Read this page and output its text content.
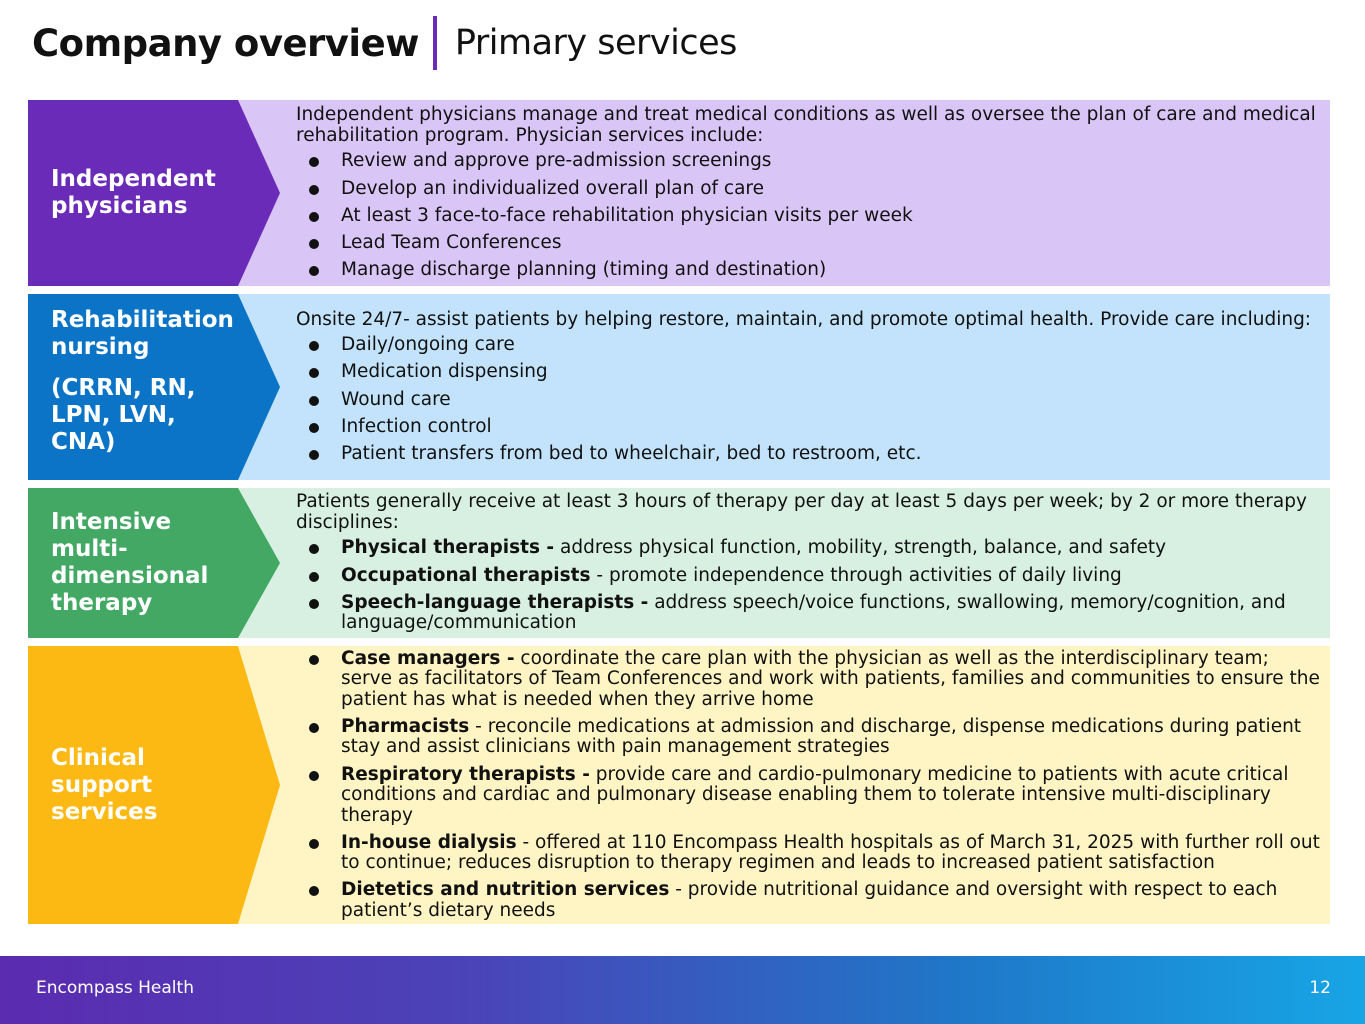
Company overview Primary services
Independent
physicians

Independent physicians manage and treat medical conditions as well as oversee the plan of care and medical rehabilitation program. Physician services include:

Review and approve pre-admission screenings
Develop an individualized overall plan of care
At least 3 face-to-face rehabilitation physician visits per week
Lead Team Conferences
Manage discharge planning (timing and destination)
Rehabilitation
nursing
(CRRN, RN, LPN, LVN, CNA)

Onsite 24/7- assist patients by helping restore, maintain, and promote optimal health. Provide care including:

Daily/ongoing care
Medication dispensing
Wound care
Infection control
Patient transfers from bed to wheelchair, bed to restroom, etc.
Intensive
multi-
dimensional
therapy

Patients generally receive at least 3 hours of therapy per day at least 5 days per week; by 2 or more therapy disciplines:

Physical therapists - address physical function, mobility, strength, balance, and safety
Occupational therapists - promote independence through activities of daily living
Speech-language therapists - address speech/voice functions, swallowing, memory/cognition, and language/communication
Clinical
support
services
Case managers - coordinate the care plan with the physician as well as the interdisciplinary team; serve as facilitators of Team Conferences and work with patients, families and communities to ensure the patient has what is needed when they arrive home
Pharmacists - reconcile medications at admission and discharge, dispense medications during patient stay and assist clinicians with pain management strategies
Respiratory therapists - provide care and cardio-pulmonary medicine to patients with acute critical conditions and cardiac and pulmonary disease enabling them to tolerate intensive multi-disciplinary therapy
In-house dialysis - offered at 110 Encompass Health hospitals as of March 31, 2025 with further roll out to continue; reduces disruption to therapy regimen and leads to increased patient satisfaction
Dietetics and nutrition services - provide nutritional guidance and oversight with respect to each patient’s dietary needs
Encompass Health	12
